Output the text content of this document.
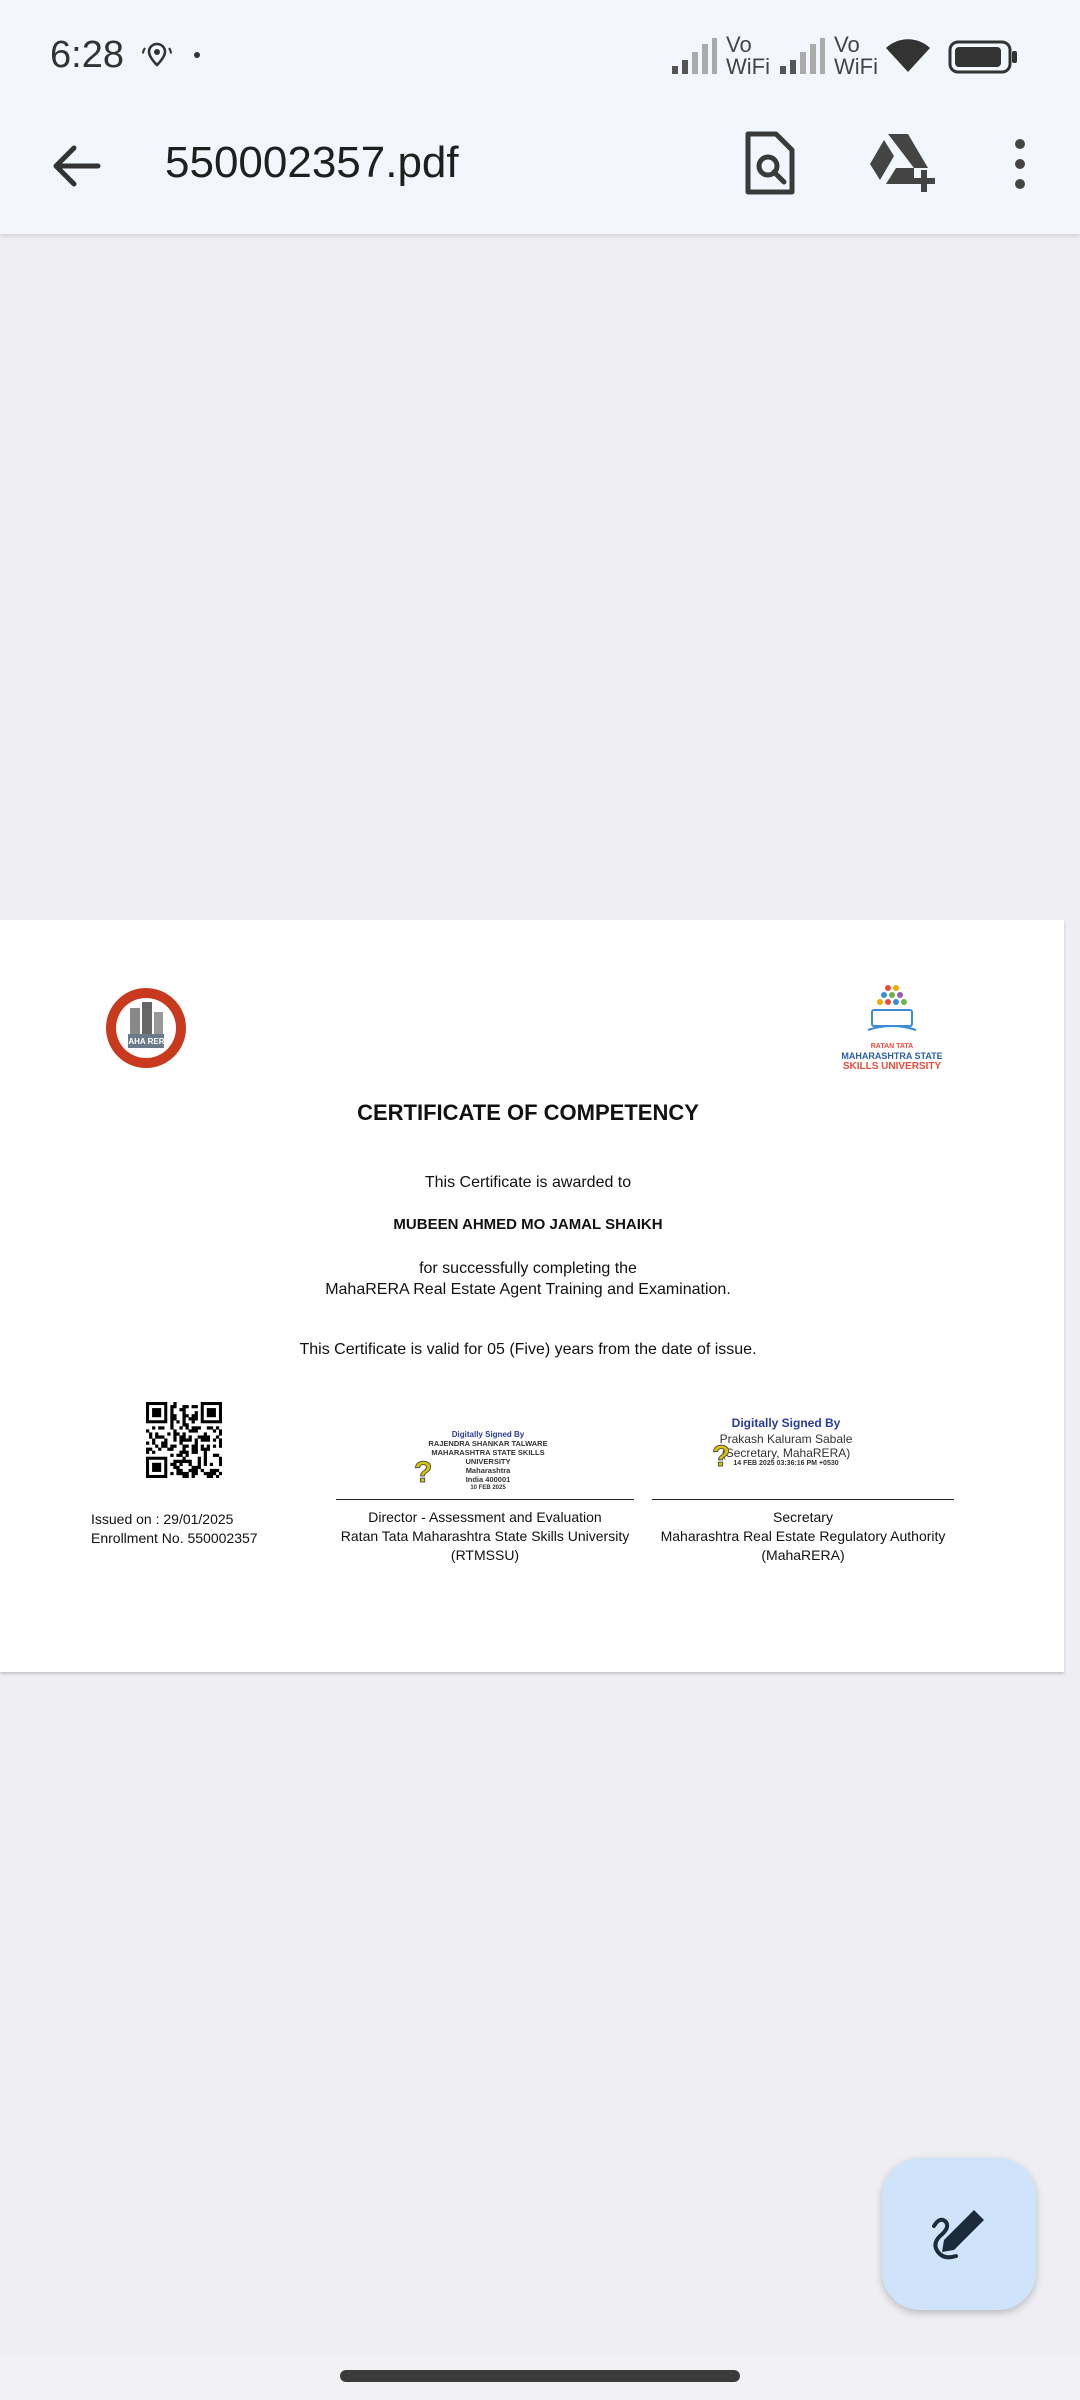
6:28	Vo
WiFi
Vo
WiFi
550002357.pdf
MAHA RERA
RATAN TATA
MAHARASHTRA STATE
SKILLS UNIVERSITY
CERTIFICATE OF COMPETENCY
This Certificate is awarded to
MUBEEN AHMED MO JAMAL SHAIKH
for successfully completing the
MahaRERA Real Estate Agent Training and Examination.
This Certificate is valid for 05 (Five) years from the date of issue.
Issued on : 29/01/2025
Enrollment No. 550002357
Digitally Signed By
RAJENDRA SHANKAR TALWARE
MAHARASHTRA STATE SKILLS
UNIVERSITY
Maharashtra
India 400001
10 FEB 2025
?
Director - Assessment and Evaluation
Ratan Tata Maharashtra State Skills University
(RTMSSU)
Digitally Signed By
Prakash Kaluram Sabale
(Secretary, MahaRERA)
14 FEB 2025 03:36:16 PM +0530
?
Secretary
Maharashtra Real Estate Regulatory Authority
(MahaRERA)
